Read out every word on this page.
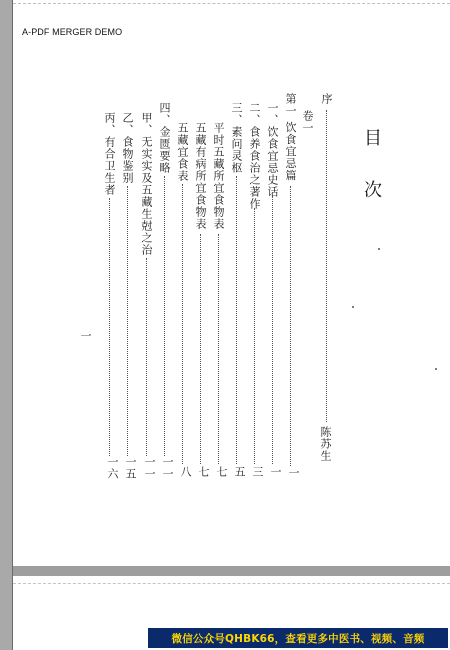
A-PDF MERGER DEMO
目
次
序
陈苏生
卷一
第一 饮食宜忌篇
一
一、饮食宜忌史话
一
二、食养食治之著作
三
三、素问灵枢
五
平时五藏所宜食物表
七
五藏有病所宜食物表
七
五藏宜食表
八
四、金匮要略
一一
甲、无实实及五藏生尅之治
一一
乙、食物鉴别
一五
丙、有合卫生者
一六
一
微信公众号QHBK66，查看更多中医书、视频、音频
